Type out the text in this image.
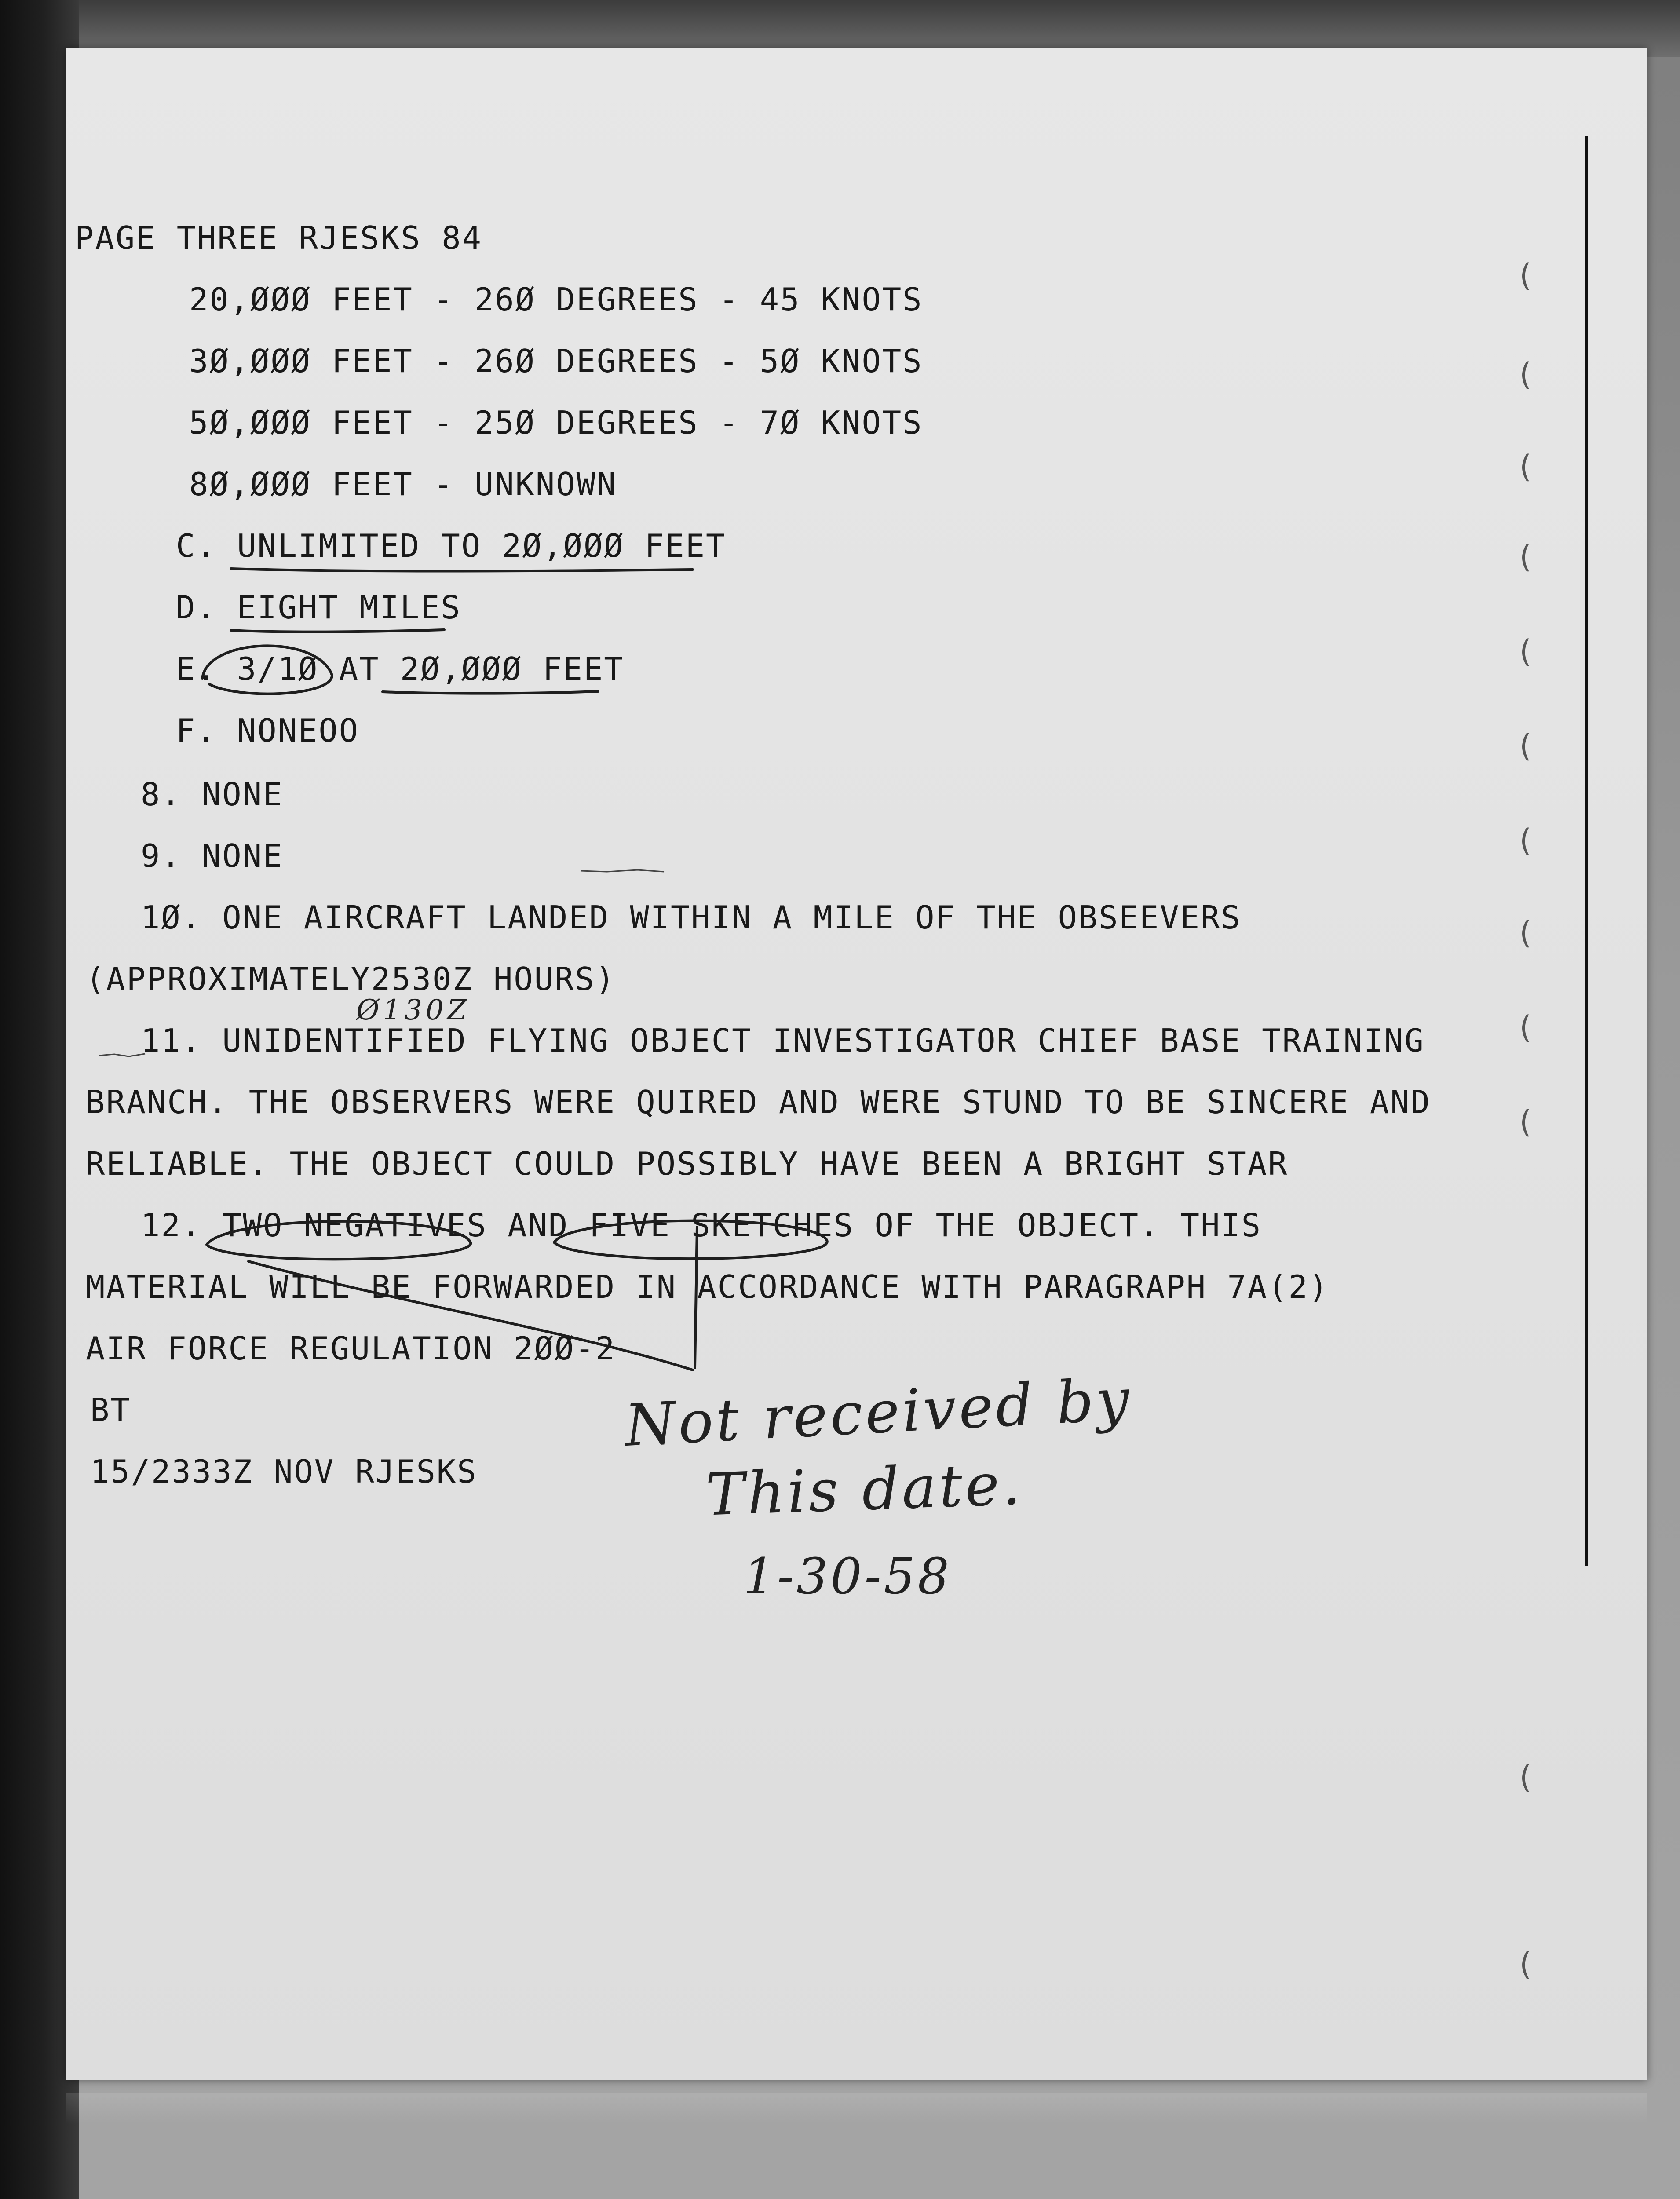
PAGE THREE RJESKS 84
20,ØØØ FEET - 26Ø DEGREES - 45 KNOTS
3Ø,ØØØ FEET - 26Ø DEGREES - 5Ø KNOTS
5Ø,ØØØ FEET - 25Ø DEGREES - 7Ø KNOTS
8Ø,ØØØ FEET - UNKNOWN
C. UNLIMITED TO 2Ø,ØØØ FEET
D. EIGHT MILES
E. 3/1Ø AT 2Ø,ØØØ FEET
F. NONEOO
8. NONE
9. NONE
1Ø. ONE AIRCRAFT LANDED WITHIN A MILE OF THE OBSEEVERS
(APPROXIMATELY2530Z HOURS)
11. UNIDENTIFIED FLYING OBJECT INVESTIGATOR CHIEF BASE TRAINING
BRANCH. THE OBSERVERS WERE QUIRED AND WERE STUND TO BE SINCERE AND
RELIABLE. THE OBJECT COULD POSSIBLY HAVE BEEN A BRIGHT STAR
12. TWO NEGATIVES AND FIVE SKETCHES OF THE OBJECT. THIS
MATERIAL WILL BE FORWARDED IN ACCORDANCE WITH PARAGRAPH 7A(2)
AIR FORCE REGULATION 2ØØ-2
BT
15/2333Z NOV RJESKS
Ø130Z
Not received by
This date.
1-30-58
(
(
(
(
(
(
(
(
(
(
(
(
